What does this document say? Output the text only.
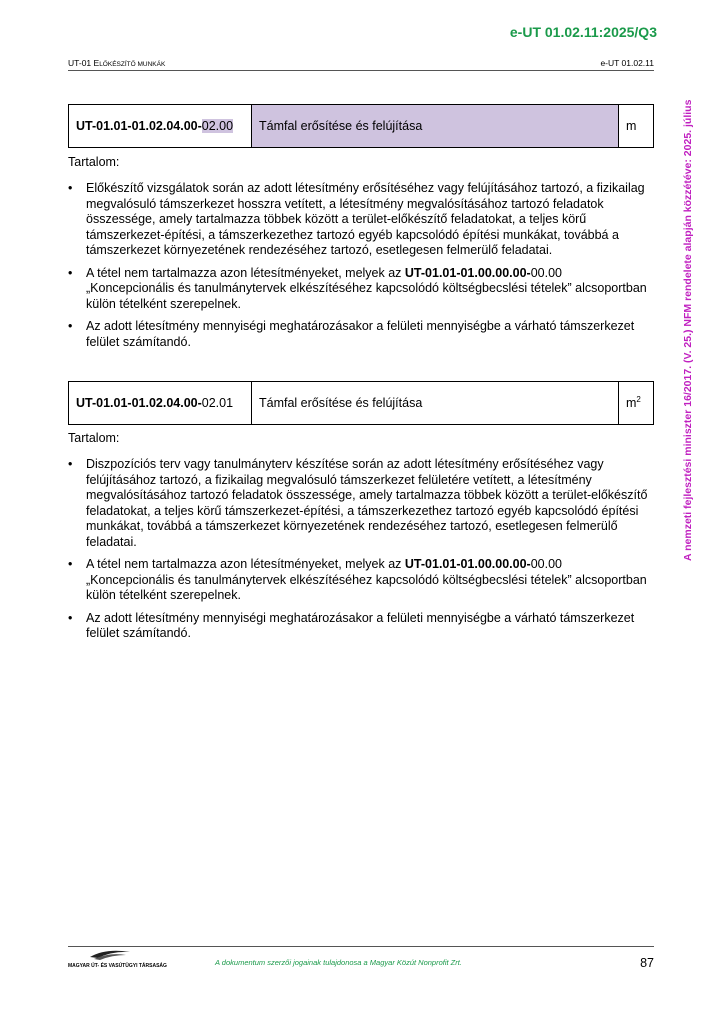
e-UT 01.02.11:2025/Q3
UT-01 ELŐKÉSZÍTŐ MUNKÁK	e-UT 01.02.11
A nemzeti fejlesztési miniszter 16/2017. (V. 25.) NFM rendelete alapján közzétéve: 2025. július
UT-01.01-01.02.04.00-02.00	Támfal erősítése és felújítása	m
Tartalom:
• Előkészítő vizsgálatok során az adott létesítmény erősítéséhez vagy felújításához tartozó, a fizikailag megvalósuló támszerkezet hosszra vetített, a létesítmény megvalósításához tartozó feladatok összessége, amely tartalmazza többek között a terület-előkészítő feladatokat, a teljes körű támszerkezet-építési, a támszerkezethez tartozó egyéb kapcsolódó építési munkákat, továbbá a támszerkezet környezetének rendezéséhez tartozó, esetlegesen felmerülő feladatai.
• A tétel nem tartalmazza azon létesítményeket, melyek az UT-01.01-01.00.00.00-00.00
„Koncepcionális és tanulmánytervek elkészítéséhez kapcsolódó költségbecslési tételek” alcsoportban külön tételként szerepelnek.
• Az adott létesítmény mennyiségi meghatározásakor a felületi mennyiségbe a várható támszerkezet felület számítandó.
UT-01.01-01.02.04.00-02.01	Támfal erősítése és felújítása	$m^2$
Tartalom:
• Diszpozíciós terv vagy tanulmányterv készítése során az adott létesítmény erősítéséhez vagy felújításához tartozó, a fizikailag megvalósuló támszerkezet felületére vetített, a létesítmény megvalósításához tartozó feladatok összessége, amely tartalmazza többek között a terület-előkészítő feladatokat, a teljes körű támszerkezet-építési, a támszerkezethez tartozó egyéb kapcsolódó építési munkákat, továbbá a támszerkezet környezetének rendezéséhez tartozó, esetlegesen felmerülő feladatai.
• A tétel nem tartalmazza azon létesítményeket, melyek az UT-01.01-01.00.00.00-00.00
„Koncepcionális és tanulmánytervek elkészítéséhez kapcsolódó költségbecslési tételek” alcsoportban külön tételként szerepelnek.
• Az adott létesítmény mennyiségi meghatározásakor a felületi mennyiségbe a várható támszerkezet felület számítandó.
MAGYAR ÚT- ÉS VASÚTÜGYI TÁRSASÁG	A dokumentum szerzői jogainak tulajdonosa a Magyar Közút Nonprofit Zrt.	87
